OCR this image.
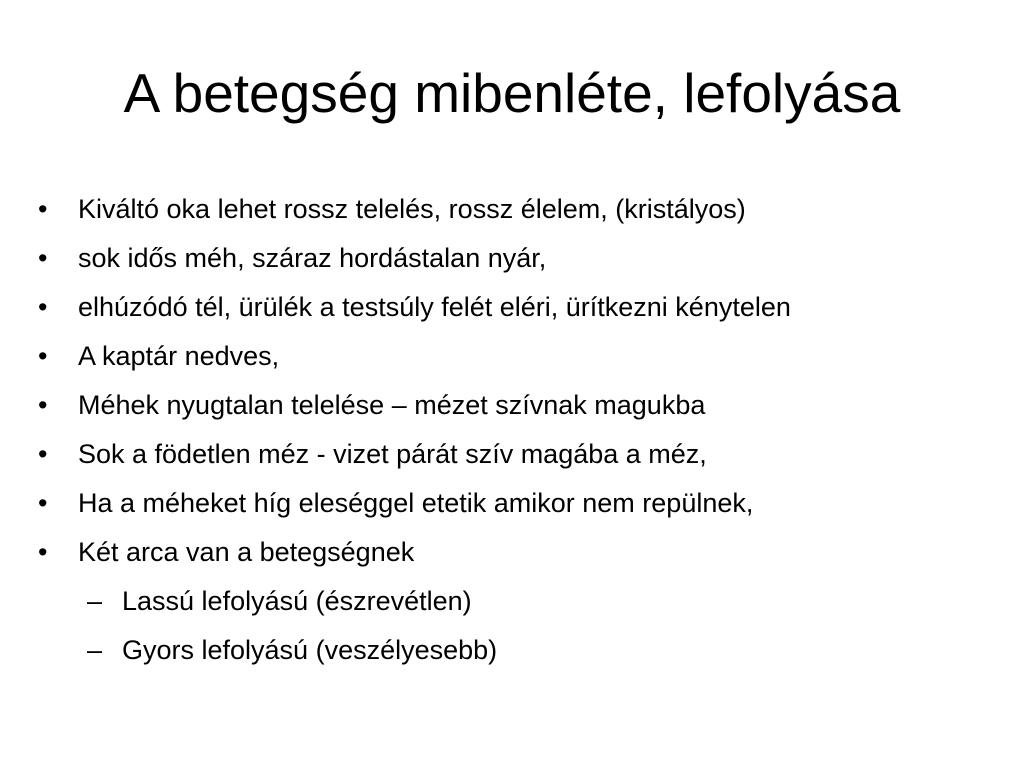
A betegség mibenléte, lefolyása
•	Kiváltó oka lehet rossz telelés, rossz élelem, (kristályos)
•	sok idős méh, száraz hordástalan nyár,
•	elhúzódó tél, ürülék a testsúly felét eléri, ürítkezni kénytelen
•	A kaptár nedves,
•	Méhek nyugtalan telelése – mézet szívnak magukba
•	Sok a födetlen méz - vizet párát szív magába a méz,
•	Ha a méheket híg eleséggel etetik amikor nem repülnek,
•	Két arca van a betegségnek
– Lassú lefolyású (észrevétlen)
– Gyors lefolyású (veszélyesebb)
